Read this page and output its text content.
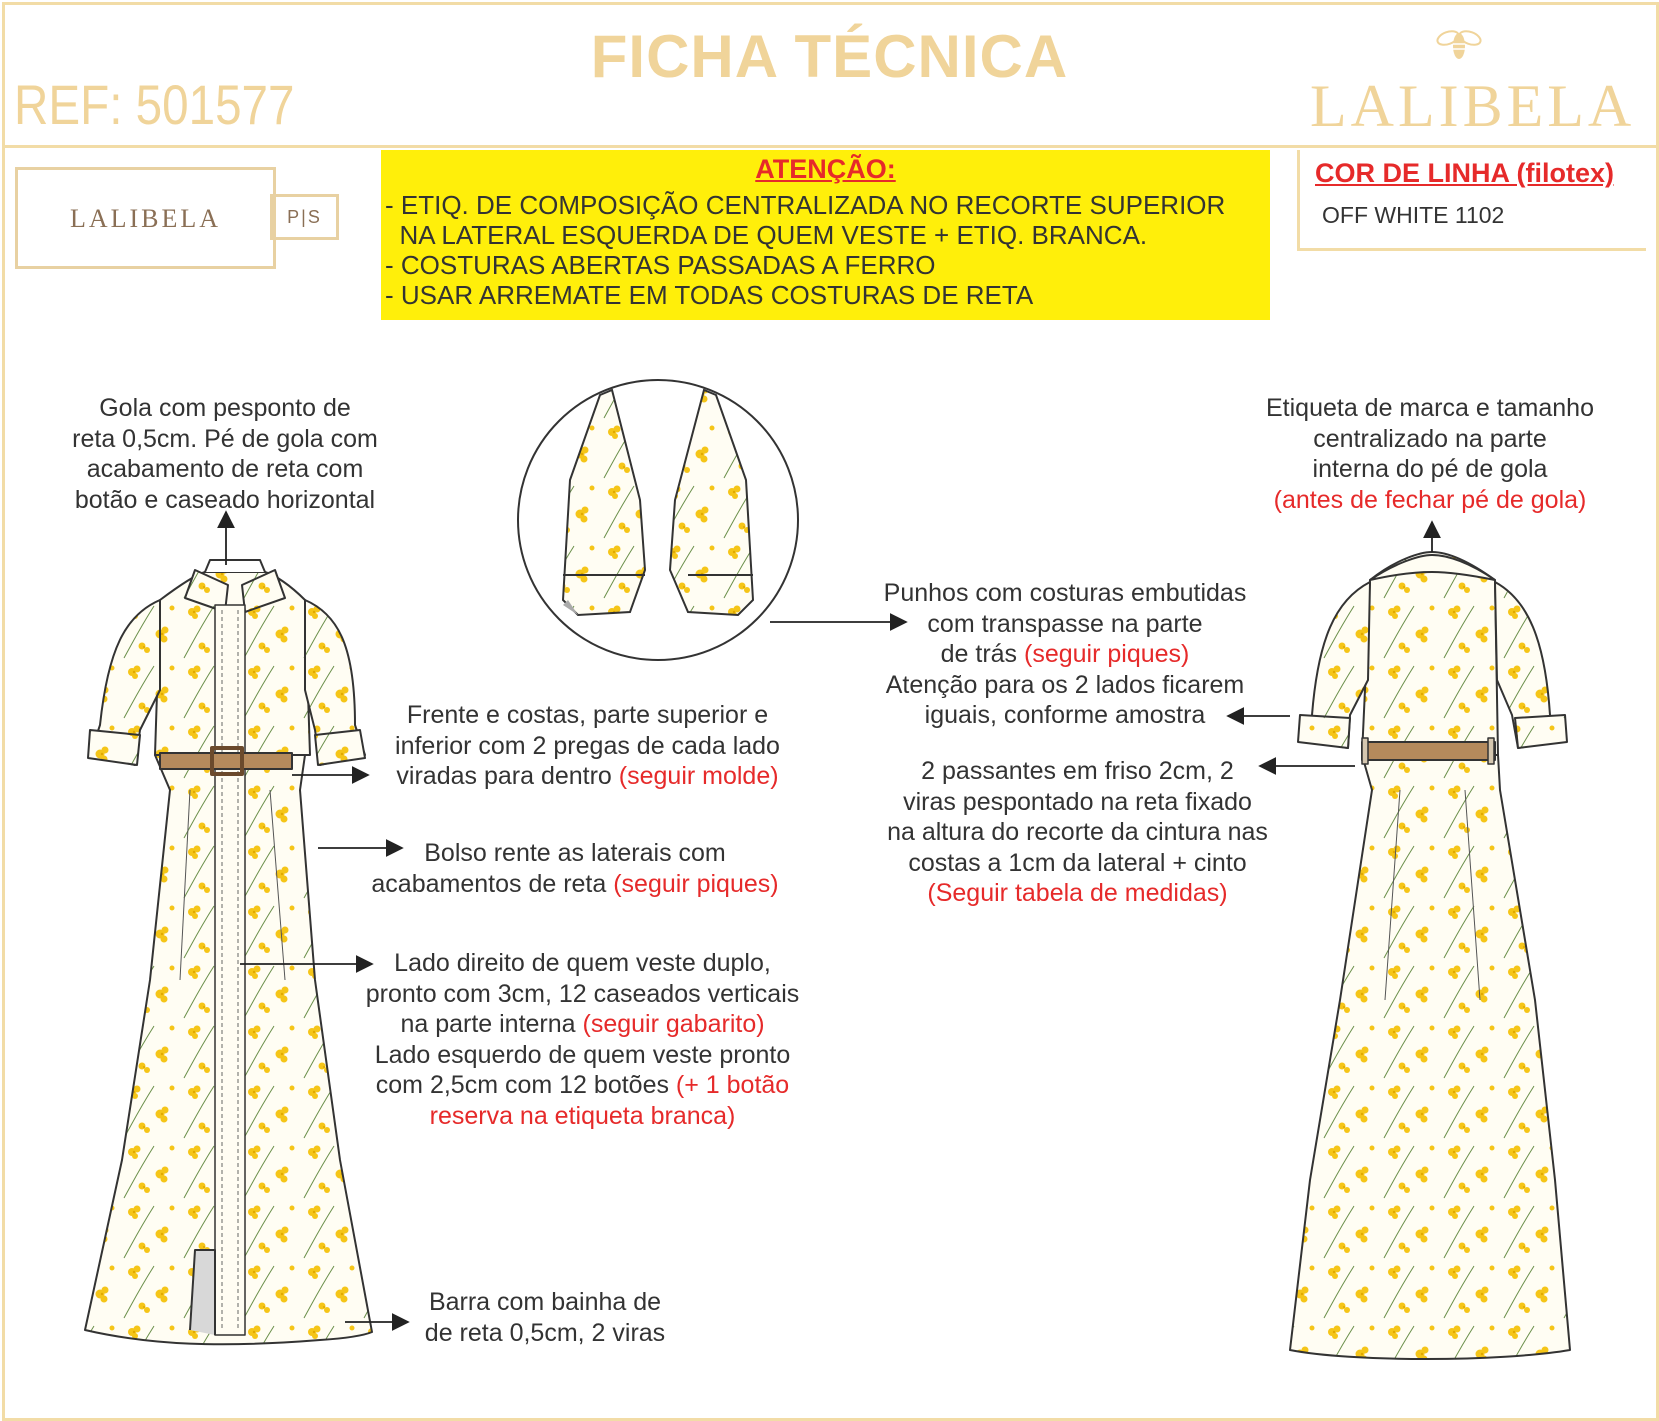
FICHA TÉCNICA
REF: 501577	LALIBELA
LALIBELA	P|S
ATENÇÃO:
- ETIQ. DE COMPOSIÇÃO CENTRALIZADA NO RECORTE SUPERIOR
NA LATERAL ESQUERDA DE QUEM VESTE + ETIQ. BRANCA.
- COSTURAS ABERTAS PASSADAS A FERRO
- USAR ARREMATE EM TODAS COSTURAS DE RETA
COR DE LINHA (filotex)
OFF WHITE 1102
Gola com pesponto de
reta 0,5cm. Pé de gola com
acabamento de reta com
botão e caseado horizontal
Frente e costas, parte superior e
inferior com 2 pregas de cada lado
viradas para dentro (seguir molde)
Bolso rente as laterais com
acabamentos de reta (seguir piques)
Lado direito de quem veste duplo,
pronto com 3cm, 12 caseados verticais
na parte interna (seguir gabarito)
Lado esquerdo de quem veste pronto
com 2,5cm com 12 botões (+ 1 botão
reserva na etiqueta branca)
Barra com bainha de
de reta 0,5cm, 2 viras
Etiqueta de marca e tamanho
centralizado na parte
interna do pé de gola
(antes de fechar pé de gola)
Punhos com costuras embutidas
com transpasse na parte
de trás (seguir piques)
Atenção para os 2 lados ficarem
iguais, conforme amostra
2 passantes em friso 2cm, 2
viras pespontado na reta fixado
na altura do recorte da cintura nas
costas a 1cm da lateral + cinto
(Seguir tabela de medidas)
